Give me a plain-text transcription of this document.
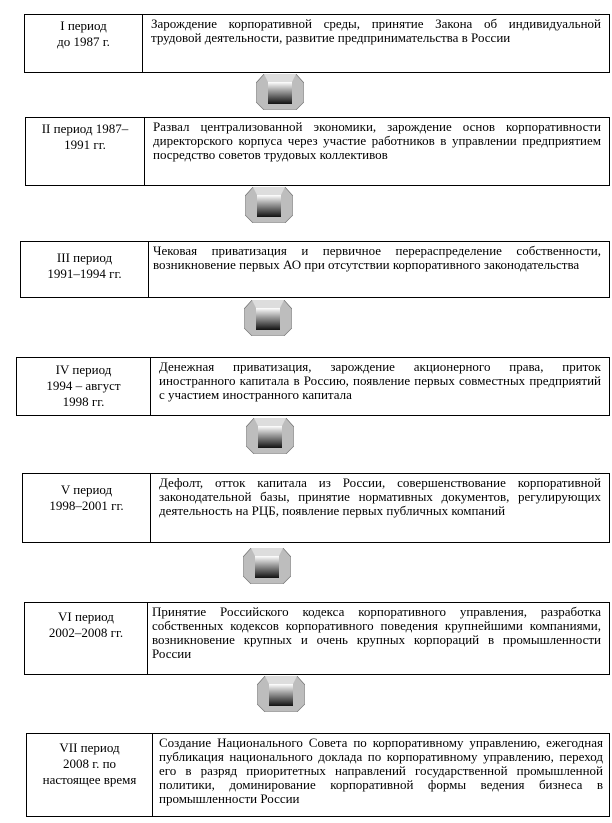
I период
до 1987 г.
Зарождение корпоративной среды, принятие Закона об индивидуальной трудовой деятельности, развитие предпринимательства в России
II период 1987–
1991 гг.
Развал централизованной экономики, зарождение основ корпоративности директорского корпуса через участие работников в управлении предприятием посредство советов трудовых коллективов
III период
1991–1994 гг.
Чековая приватизация и первичное перераспределение собственности, возникновение первых АО при отсутствии корпоративного законодательства
IV период
1994 – август
1998 гг.
Денежная приватизация, зарождение акционерного права, приток иностранного капитала в Россию, появление первых совместных предприятий с участием иностранного капитала
V период
1998–2001 гг.
Дефолт, отток капитала из России, совершенствование корпоративной законодательной базы, принятие нормативных документов, регулирующих деятельность на РЦБ, появление первых публичных компаний
VI период
2002–2008 гг.
Принятие Российского кодекса корпоративного управления, разработка собственных кодексов корпоративного поведения крупнейшими компаниями, возникновение крупных и очень крупных корпораций в промышленности России
VII период
2008 г. по
настоящее время
Создание Национального Совета по корпоративному управлению, ежегодная публикация национального доклада по корпоративному управлению, переход его в разряд приоритетных направлений государственной промышленной политики, доминирование корпоративной формы ведения бизнеса в промышленности России
